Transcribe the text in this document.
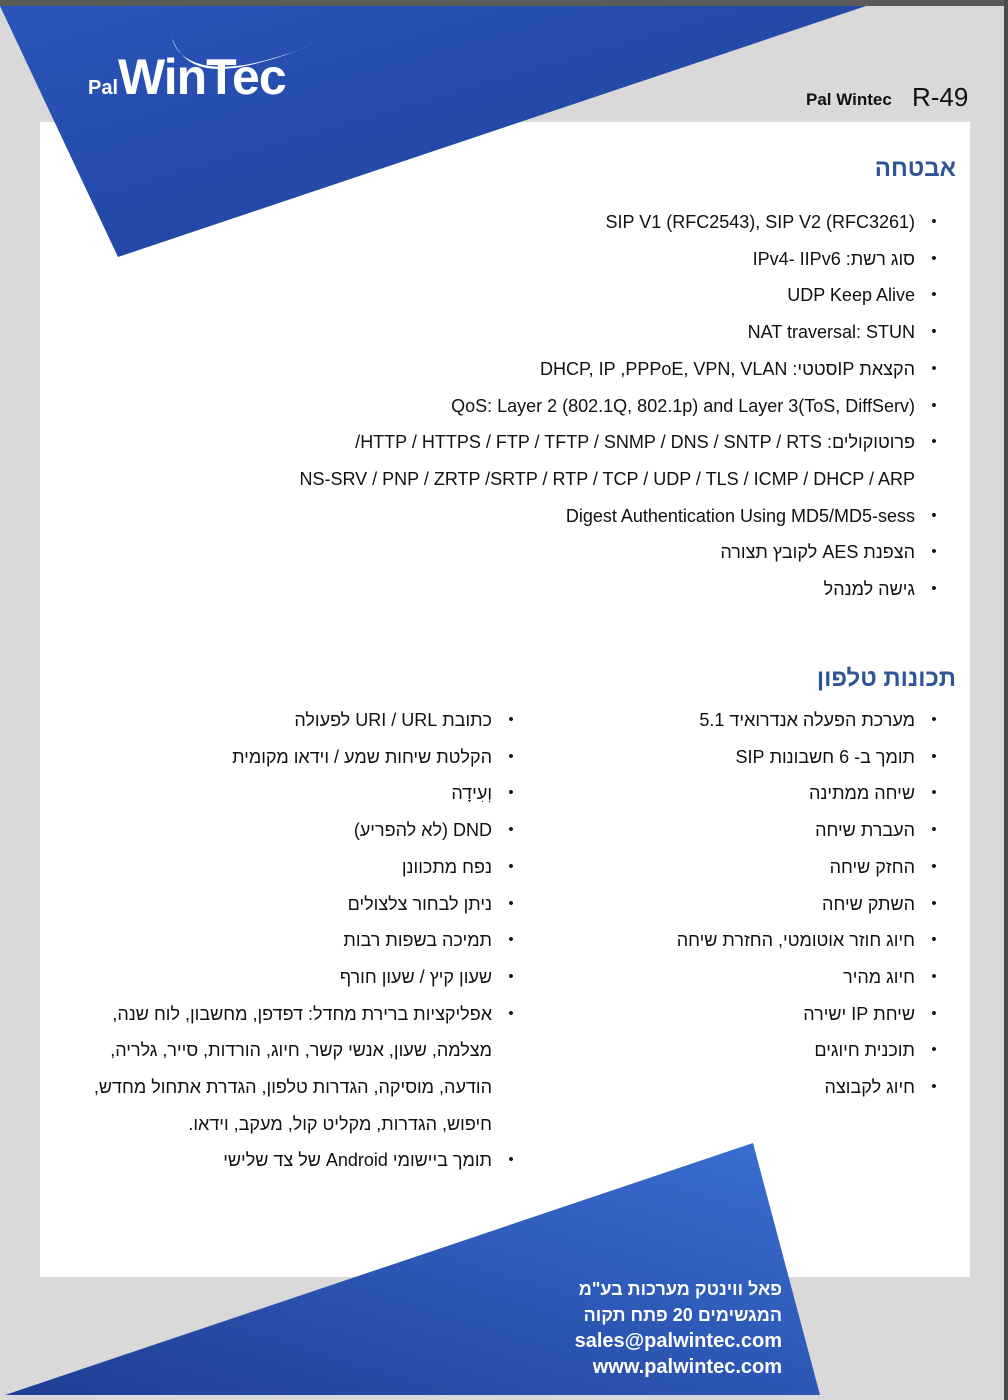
Pal WinTec	Pal Wintec R-49
אבטחה
•
SIP V1 (RFC2543), SIP V2 (RFC3261)
•
סוג רשת: IPv4- IIPv6
•
UDP Keep Alive
•
NAT traversal: STUN
•
הקצאת IPסטטי: DHCP, IP ,PPPoE, VPN, VLAN
•
QoS: Layer 2 (802.1Q, 802.1p) and Layer 3(ToS, DiffServ)
•
פרוטוקולים: HTTP / HTTPS / FTP / TFTP / SNMP / DNS / SNTP / RTS/
NS-SRV / PNP / ZRTP /SRTP / RTP / TCP / UDP / TLS / ICMP / DHCP / ARP
•
Digest Authentication Using MD5/MD5-sess
•
הצפנת AES לקובץ תצורה
•
גישה למנהל
תכונות טלפון
•
מערכת הפעלה אנדרואיד 5.1
•
תומך ב- 6 חשבונות SIP
•
שיחה ממתינה
•
העברת שיחה
•
החזק שיחה
•
השתק שיחה
•
חיוג חוזר אוטומטי, החזרת שיחה
•
חיוג מהיר
•
שיחת IP ישירה
•
תוכנית חיוגים
•
חיוג לקבוצה
•
כתובת URI / URL לפעולה
•
הקלטת שיחות שמע / וידאו מקומית
•
וְעִידָה
•
DND (לא להפריע)
•
נפח מתכוונן
•
ניתן לבחור צלצולים
•
תמיכה בשפות רבות
•
שעון קיץ / שעון חורף
•
אפליקציות ברירת מחדל: דפדפן, מחשבון, לוח שנה,
מצלמה, שעון, אנשי קשר, חיוג, הורדות, סייר, גלריה,
הודעה, מוסיקה, הגדרות טלפון, הגדרת אתחול מחדש,
חיפוש, הגדרות, מקליט קול, מעקב, וידאו.
•
תומך ביישומי Android של צד שלישי
פאל ווינטק מערכות בע"מ
המגשימים 20 פתח תקוה
sales@palwintec.com
www.palwintec.com
